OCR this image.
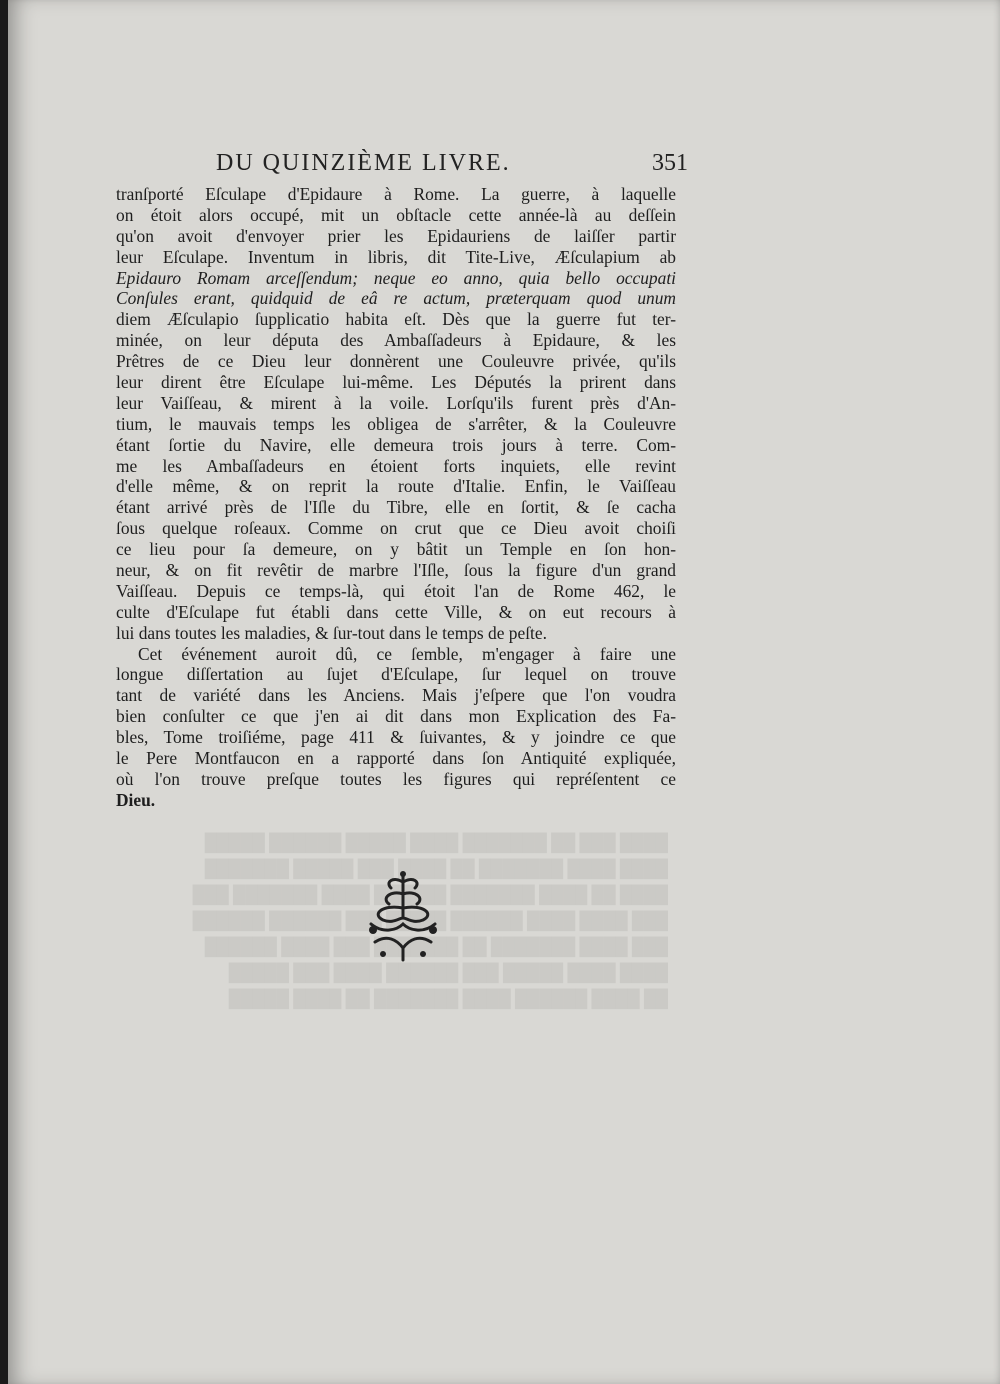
████ ███ ██ ███████ ████ █████ ██████ █████
████ ████ ███████ ██ ████ ███ █████ ███████
████ ██ ████ ███████ ██████ ████ ███████ ███
███ ████ ████ ██████ █████ ███ ██████ ██████
███ ████ ███████ ██ ███████ ███ ████ ██████
████ ████ █████ ███ ██████ ████ ███ █████
██ ████ ██████ ████ ███████ ██ ████ █████
DU QUINZIÈME LIVRE.	351
tranſporté Eſculape d'Epidaure à Rome. La guerre, à laquelle
on étoit alors occupé, mit un obſtacle cette année-là au deſſein
qu'on avoit d'envoyer prier les Epidauriens de laiſſer partir
leur Eſculape. Inventum in libris, dit Tite-Live, Æſculapium ab
Epidauro Romam arceſſendum; neque eo anno, quia bello occupati
Conſules erant, quidquid de eâ re actum, præterquam quod unum
diem Æſculapio ſupplicatio habita eſt. Dès que la guerre fut ter-
minée, on leur députa des Ambaſſadeurs à Epidaure, & les
Prêtres de ce Dieu leur donnèrent une Couleuvre privée, qu'ils
leur dirent être Eſculape lui-même. Les Députés la prirent dans
leur Vaiſſeau, & mirent à la voile. Lorſqu'ils furent près d'An-
tium, le mauvais temps les obligea de s'arrêter, & la Couleuvre
étant ſortie du Navire, elle demeura trois jours à terre. Com-
me les Ambaſſadeurs en étoient forts inquiets, elle revint
d'elle même, & on reprit la route d'Italie. Enfin, le Vaiſſeau
étant arrivé près de l'Iſle du Tibre, elle en ſortit, & ſe cacha
ſous quelque roſeaux. Comme on crut que ce Dieu avoit choiſi
ce lieu pour ſa demeure, on y bâtit un Temple en ſon hon-
neur, & on fit revêtir de marbre l'Iſle, ſous la figure d'un grand
Vaiſſeau. Depuis ce temps-là, qui étoit l'an de Rome 462, le
culte d'Eſculape fut établi dans cette Ville, & on eut recours à
lui dans toutes les maladies, & ſur-tout dans le temps de peſte.
Cet événement auroit dû, ce ſemble, m'engager à faire une
longue diſſertation au ſujet d'Eſculape, ſur lequel on trouve
tant de variété dans les Anciens. Mais j'eſpere que l'on voudra
bien conſulter ce que j'en ai dit dans mon Explication des Fa-
bles, Tome troiſiéme, page 411 & ſuivantes, & y joindre ce que
le Pere Montfaucon en a rapporté dans ſon Antiquité expliquée,
où l'on trouve preſque toutes les figures qui repréſentent ce
Dieu.
